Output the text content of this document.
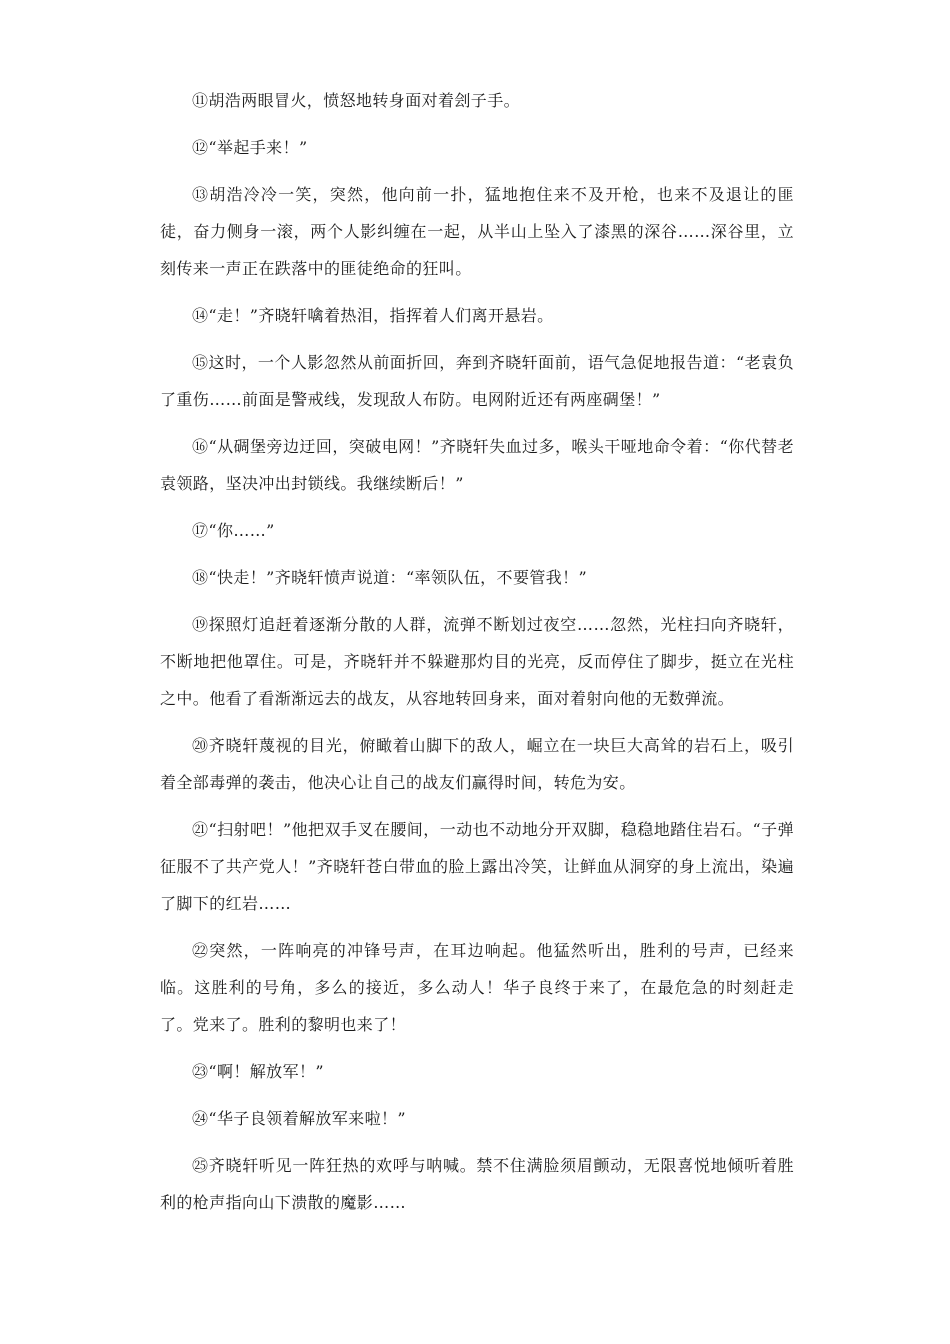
⑪胡浩两眼冒火，愤怒地转身面对着刽子手。

⑫“举起手来！”

⑬胡浩冷冷一笑，突然，他向前一扑，猛地抱住来不及开枪，也来不及退让的匪徒，奋力侧身一滚，两个人影纠缠在一起，从半山上坠入了漆黑的深谷……深谷里，立刻传来一声正在跌落中的匪徒绝命的狂叫。

⑭“走！”齐晓轩噙着热泪，指挥着人们离开悬岩。

⑮这时，一个人影忽然从前面折回，奔到齐晓轩面前，语气急促地报告道：“老袁负了重伤……前面是警戒线，发现敌人布防。电网附近还有两座碉堡！”

⑯“从碉堡旁边迂回，突破电网！”齐晓轩失血过多，喉头干哑地命令着：“你代替老袁领路，坚决冲出封锁线。我继续断后！”

⑰“你……”

⑱“快走！”齐晓轩愤声说道：“率领队伍，不要管我！”

⑲探照灯追赶着逐渐分散的人群，流弹不断划过夜空……忽然，光柱扫向齐晓轩，不断地把他罩住。可是，齐晓轩并不躲避那灼目的光亮，反而停住了脚步，挺立在光柱之中。他看了看渐渐远去的战友，从容地转回身来，面对着射向他的无数弹流。

⑳齐晓轩蔑视的目光，俯瞰着山脚下的敌人，崛立在一块巨大高耸的岩石上，吸引着全部毒弹的袭击，他决心让自己的战友们赢得时间，转危为安。

㉑“扫射吧！”他把双手叉在腰间，一动也不动地分开双脚，稳稳地踏住岩石。“子弹征服不了共产党人！”齐晓轩苍白带血的脸上露出冷笑，让鲜血从洞穿的身上流出，染遍了脚下的红岩……

㉒突然，一阵响亮的冲锋号声，在耳边响起。他猛然听出，胜利的号声，已经来临。这胜利的号角，多么的接近，多么动人！华子良终于来了，在最危急的时刻赶走了。党来了。胜利的黎明也来了！

㉓“啊！解放军！”

㉔“华子良领着解放军来啦！”

㉕齐晓轩听见一阵狂热的欢呼与呐喊。禁不住满脸须眉颤动，无限喜悦地倾听着胜利的枪声指向山下溃散的魔影……
